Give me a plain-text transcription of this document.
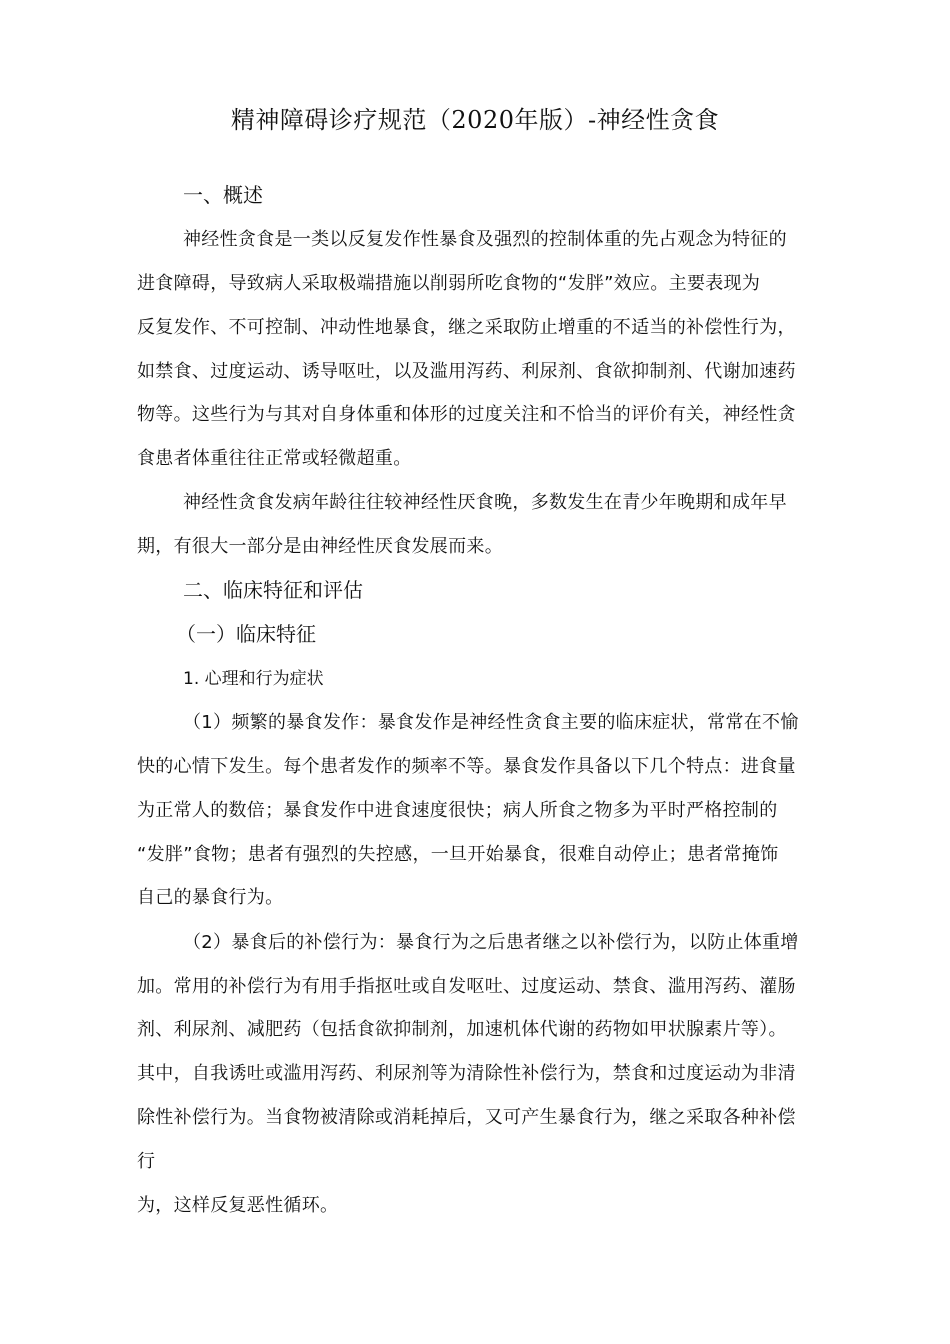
精神障碍诊疗规范（2020年版）-神经性贪食
一、概述
神经性贪食是一类以反复发作性暴食及强烈的控制体重的先占观念为特征的
进食障碍，导致病人采取极端措施以削弱所吃食物的“发胖”效应。主要表现为
反复发作、不可控制、冲动性地暴食，继之采取防止增重的不适当的补偿性行为，
如禁食、过度运动、诱导呕吐，以及滥用泻药、利尿剂、食欲抑制剂、代谢加速药
物等。这些行为与其对自身体重和体形的过度关注和不恰当的评价有关，神经性贪
食患者体重往往正常或轻微超重。
神经性贪食发病年龄往往较神经性厌食晚，多数发生在青少年晚期和成年早
期，有很大一部分是由神经性厌食发展而来。
二、临床特征和评估
（一）临床特征
1. 心理和行为症状
（1）频繁的暴食发作：暴食发作是神经性贪食主要的临床症状，常常在不愉
快的心情下发生。每个患者发作的频率不等。暴食发作具备以下几个特点：进食量
为正常人的数倍；暴食发作中进食速度很快；病人所食之物多为平时严格控制的
“发胖”食物；患者有强烈的失控感，一旦开始暴食，很难自动停止；患者常掩饰
自己的暴食行为。
（2）暴食后的补偿行为：暴食行为之后患者继之以补偿行为，以防止体重增
加。常用的补偿行为有用手指抠吐或自发呕吐、过度运动、禁食、滥用泻药、灌肠
剂、利尿剂、减肥药（包括食欲抑制剂，加速机体代谢的药物如甲状腺素片等）。
其中，自我诱吐或滥用泻药、利尿剂等为清除性补偿行为，禁食和过度运动为非清
除性补偿行为。当食物被清除或消耗掉后，又可产生暴食行为，继之采取各种补偿
行
为，这样反复恶性循环。
